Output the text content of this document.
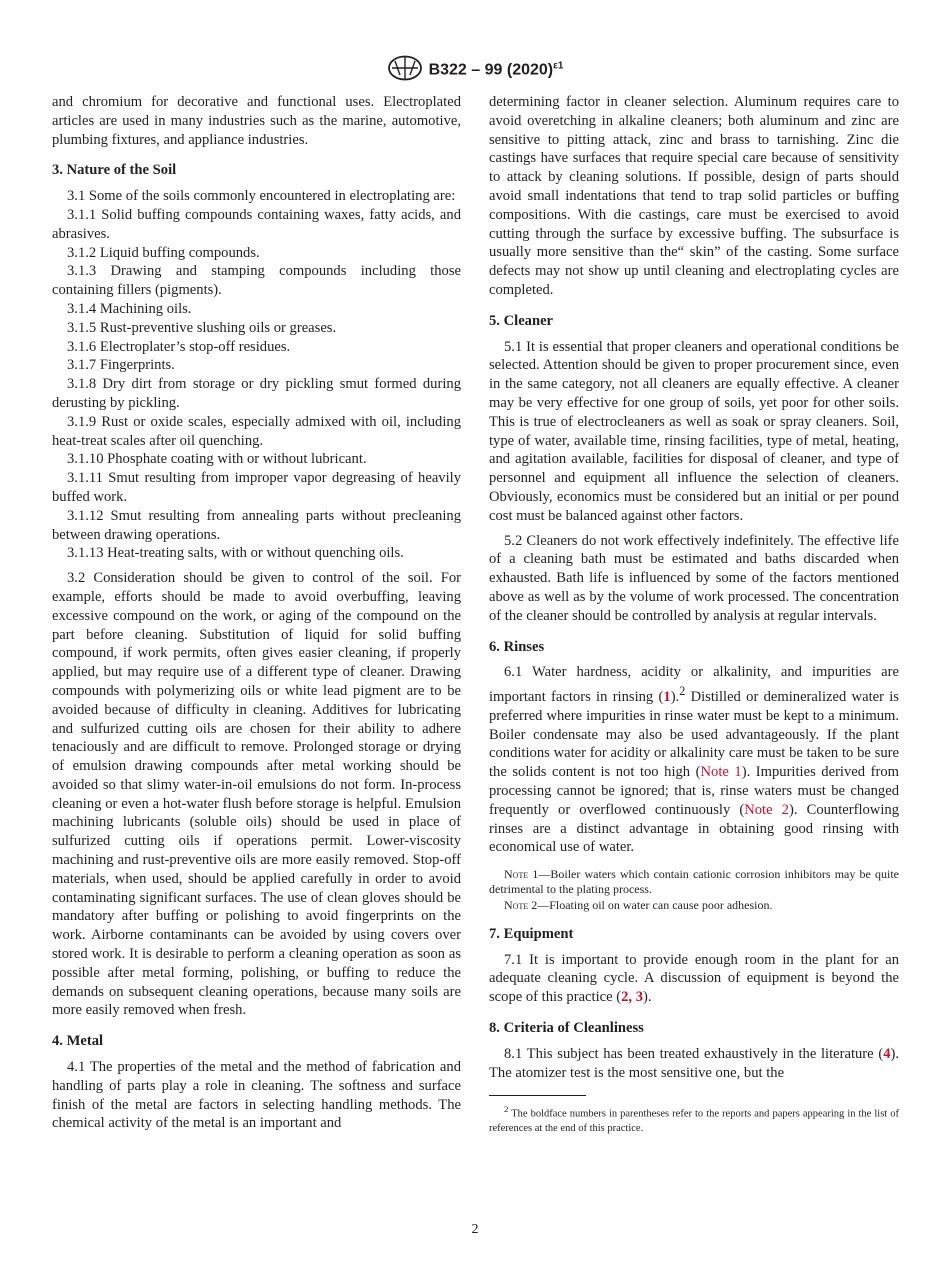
B322 – 99 $(2020)^{\varepsilon 1}$

and chromium for decorative and functional uses. Electroplated articles are used in many industries such as the marine, automotive, plumbing fixtures, and appliance industries.

3. Nature of the Soil

3.1 Some of the soils commonly encountered in electroplating are:

3.1.1 Solid buffing compounds containing waxes, fatty acids, and abrasives.

3.1.2 Liquid buffing compounds.

3.1.3 Drawing and stamping compounds including those containing fillers (pigments).

3.1.4 Machining oils.

3.1.5 Rust-preventive slushing oils or greases.

3.1.6 Electroplater’s stop-off residues.

3.1.7 Fingerprints.

3.1.8 Dry dirt from storage or dry pickling smut formed during derusting by pickling.

3.1.9 Rust or oxide scales, especially admixed with oil, including heat-treat scales after oil quenching.

3.1.10 Phosphate coating with or without lubricant.

3.1.11 Smut resulting from improper vapor degreasing of heavily buffed work.

3.1.12 Smut resulting from annealing parts without precleaning between drawing operations.

3.1.13 Heat-treating salts, with or without quenching oils.

3.2 Consideration should be given to control of the soil. For example, efforts should be made to avoid overbuffing, leaving excessive compound on the work, or aging of the compound on the part before cleaning. Substitution of liquid for solid buffing compound, if work permits, often gives easier cleaning, if properly applied, but may require use of a different type of cleaner. Drawing compounds with polymerizing oils or white lead pigment are to be avoided because of difficulty in cleaning. Additives for lubricating and sulfurized cutting oils are chosen for their ability to adhere tenaciously and are difficult to remove. Prolonged storage or drying of emulsion drawing compounds after metal working should be avoided so that slimy water-in-oil emulsions do not form. In-process cleaning or even a hot-water flush before storage is helpful. Emulsion machining lubricants (soluble oils) should be used in place of sulfurized cutting oils if operations permit. Lower-viscosity machining and rust-preventive oils are more easily removed. Stop-off materials, when used, should be applied carefully in order to avoid contaminating significant surfaces. The use of clean gloves should be mandatory after buffing or polishing to avoid fingerprints on the work. Airborne contaminants can be avoided by using covers over stored work. It is desirable to perform a cleaning operation as soon as possible after metal forming, polishing, or buffing to reduce the demands on subsequent cleaning operations, because many soils are more easily removed when fresh.

4. Metal

4.1 The properties of the metal and the method of fabrication and handling of parts play a role in cleaning. The softness and surface finish of the metal are factors in selecting handling methods. The chemical activity of the metal is an important and

determining factor in cleaner selection. Aluminum requires care to avoid overetching in alkaline cleaners; both aluminum and zinc are sensitive to pitting attack, zinc and brass to tarnishing. Zinc die castings have surfaces that require special care because of sensitivity to attack by cleaning solutions. If possible, design of parts should avoid small indentations that tend to trap solid particles or buffing compositions. With die castings, care must be exercised to avoid cutting through the surface by excessive buffing. The subsurface is usually more sensitive than the“ skin” of the casting. Some surface defects may not show up until cleaning and electroplating cycles are completed.

5. Cleaner

5.1 It is essential that proper cleaners and operational conditions be selected. Attention should be given to proper procurement since, even in the same category, not all cleaners are equally effective. A cleaner may be very effective for one group of soils, yet poor for other soils. This is true of electrocleaners as well as soak or spray cleaners. Soil, type of water, available time, rinsing facilities, type of metal, heating, and agitation available, facilities for disposal of cleaner, and type of personnel and equipment all influence the selection of cleaners. Obviously, economics must be considered but an initial or per pound cost must be balanced against other factors.

5.2 Cleaners do not work effectively indefinitely. The effective life of a cleaning bath must be estimated and baths discarded when exhausted. Bath life is influenced by some of the factors mentioned above as well as by the volume of work processed. The concentration of the cleaner should be controlled by analysis at regular intervals.

6. Rinses

6.1 Water hardness, acidity or alkalinity, and impurities are important factors in rinsing (1).$^2$ Distilled or demineralized water is preferred where impurities in rinse water must be kept to a minimum. Boiler condensate may also be used advantageously. If the plant conditions water for acidity or alkalinity care must be taken to be sure the solids content is not too high (Note 1). Impurities derived from processing cannot be ignored; that is, rinse waters must be changed frequently or overflowed continuously (Note 2). Counterflowing rinses are a distinct advantage in obtaining good rinsing with economical use of water.

Note 1—Boiler waters which contain cationic corrosion inhibitors may be quite detrimental to the plating process.

Note 2—Floating oil on water can cause poor adhesion.

7. Equipment

7.1 It is important to provide enough room in the plant for an adequate cleaning cycle. A discussion of equipment is beyond the scope of this practice (2, 3).

8. Criteria of Cleanliness

8.1 This subject has been treated exhaustively in the literature (4). The atomizer test is the most sensitive one, but the

$^2$ The boldface numbers in parentheses refer to the reports and papers appearing in the list of references at the end of this practice.

2
